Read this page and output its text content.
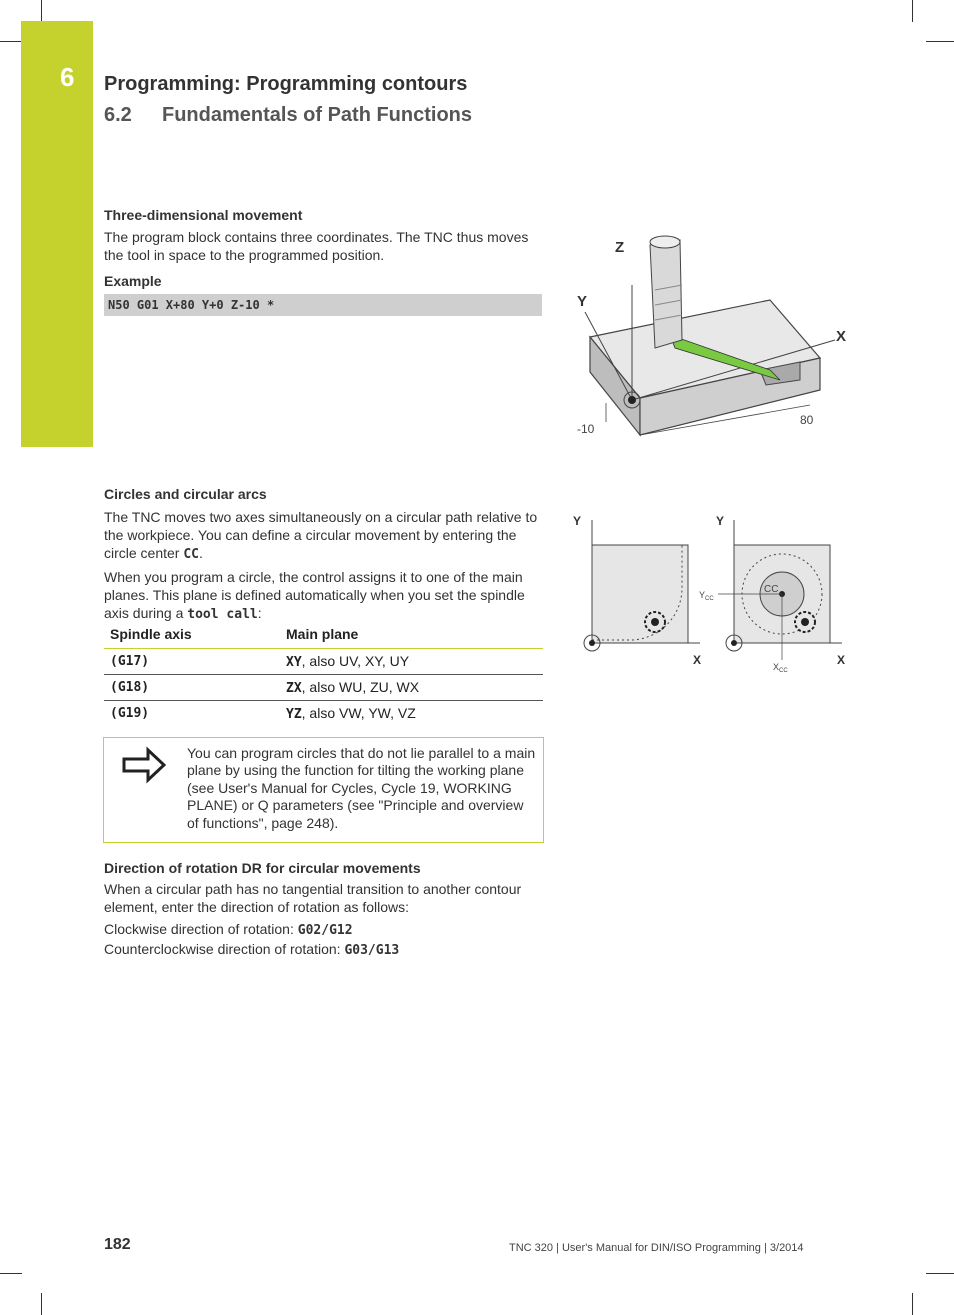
6 Programming: Programming contours
6.2 Fundamentals of Path Functions
Three-dimensional movement

The program block contains three coordinates. The TNC thus moves the tool in space to the programmed position.

Example
N50 G01 X+80 Y+0 Z-10 *
Z
Y
X
-10
80
Circles and circular arcs

The TNC moves two axes simultaneously on a circular path relative to the workpiece. You can define a circular movement by entering the circle center CC.

When you program a circle, the control assigns it to one of the main planes. This plane is defined automatically when you set the spindle axis during a tool call:

Spindle axis	Main plane
(G17)	XY, also UV, XY, UY
(G18)	ZX, also WU, ZU, WX
(G19)	YZ, also VW, YW, VZ
Y
X
Y
X
CC
$Y_{CC}$
$X_{CC}$
You can program circles that do not lie parallel to a main plane by using the function for tilting the working plane (see User's Manual for Cycles, Cycle 19, WORKING PLANE) or Q parameters (see "Principle and overview of functions", page 248).
Direction of rotation DR for circular movements

When a circular path has no tangential transition to another contour element, enter the direction of rotation as follows:

Clockwise direction of rotation: G02/G12
Counterclockwise direction of rotation: G03/G13
182	TNC 320 | User's Manual for DIN/ISO Programming | 3/2014
